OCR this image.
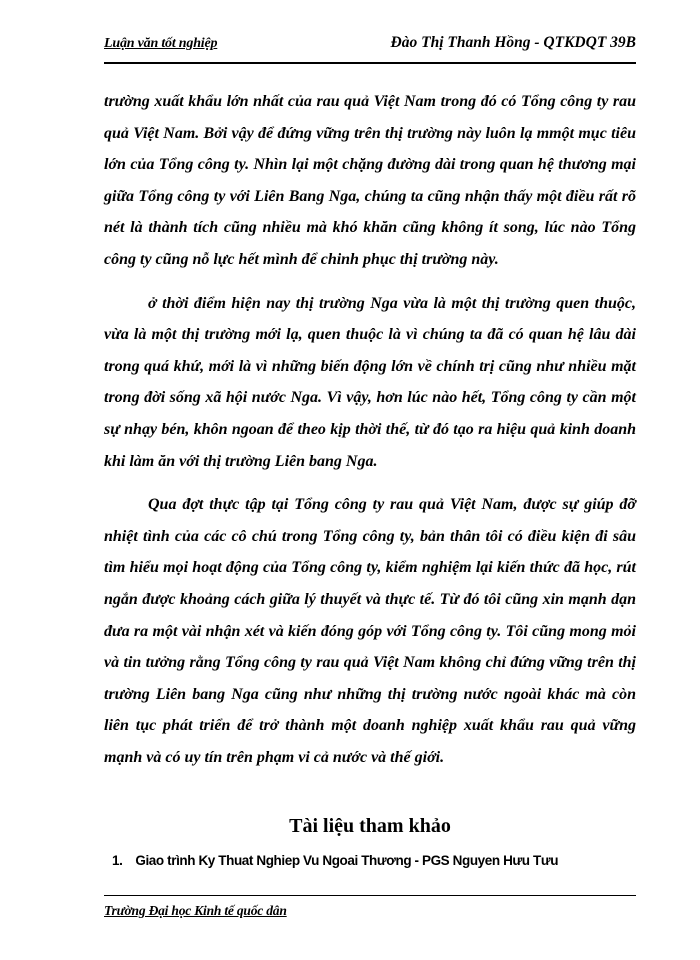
Luận văn tốt nghiệp	Đào Thị Thanh Hồng - QTKDQT 39B

trường xuất khẩu lớn nhất của rau quả Việt Nam trong đó có Tổng công ty rau quả Việt Nam. Bởi vậy để đứng vững trên thị trường này luôn lạ mmột mục tiêu lớn của Tổng công ty. Nhìn lại một chặng đường dài trong quan hệ thương mại giữa Tổng công ty với Liên Bang Nga, chúng ta cũng nhận thấy một điều rất rõ nét là thành tích cũng nhiều mà khó khăn cũng không ít song, lúc nào Tổng công ty cũng nỗ lực hết mình để chinh phục thị trường này.

ở thời điểm hiện nay thị trường Nga vừa là một thị trường quen thuộc, vừa là một thị trường mới lạ, quen thuộc là vì chúng ta đã có quan hệ lâu dài trong quá khứ, mới là vì những biến động lớn về chính trị cũng như nhiều mặt trong đời sống xã hội nước Nga. Vì vậy, hơn lúc nào hết, Tổng công ty cần một sự nhạy bén, khôn ngoan để theo kịp thời thế, từ đó tạo ra hiệu quả kinh doanh khi làm ăn với thị trường Liên bang Nga.

Qua đợt thực tập tại Tổng công ty rau quả Việt Nam, được sự giúp đỡ nhiệt tình của các cô chú trong Tổng công ty, bản thân tôi có điều kiện đi sâu tìm hiểu mọi hoạt động của Tổng công ty, kiểm nghiệm lại kiến thức đã học, rút ngắn được khoảng cách giữa lý thuyết và thực tế. Từ đó tôi cũng xin mạnh dạn đưa ra một vài nhận xét và kiến đóng góp với Tổng công ty. Tôi cũng mong mỏi và tin tưởng rằng Tổng công ty rau quả Việt Nam không chỉ đứng vững trên thị trường Liên bang Nga cũng như những thị trường nước ngoài khác mà còn liên tục phát triển để trở thành một doanh nghiệp xuất khẩu rau quả vững mạnh và có uy tín trên phạm vi cả nước và thế giới.

Tài liệu tham khảo
1. Giao trình Ky Thuat Nghiep Vu Ngoai Thương - PGS Nguyen Hưu Tưu
Trường Đại học Kinh tế quốc dân
